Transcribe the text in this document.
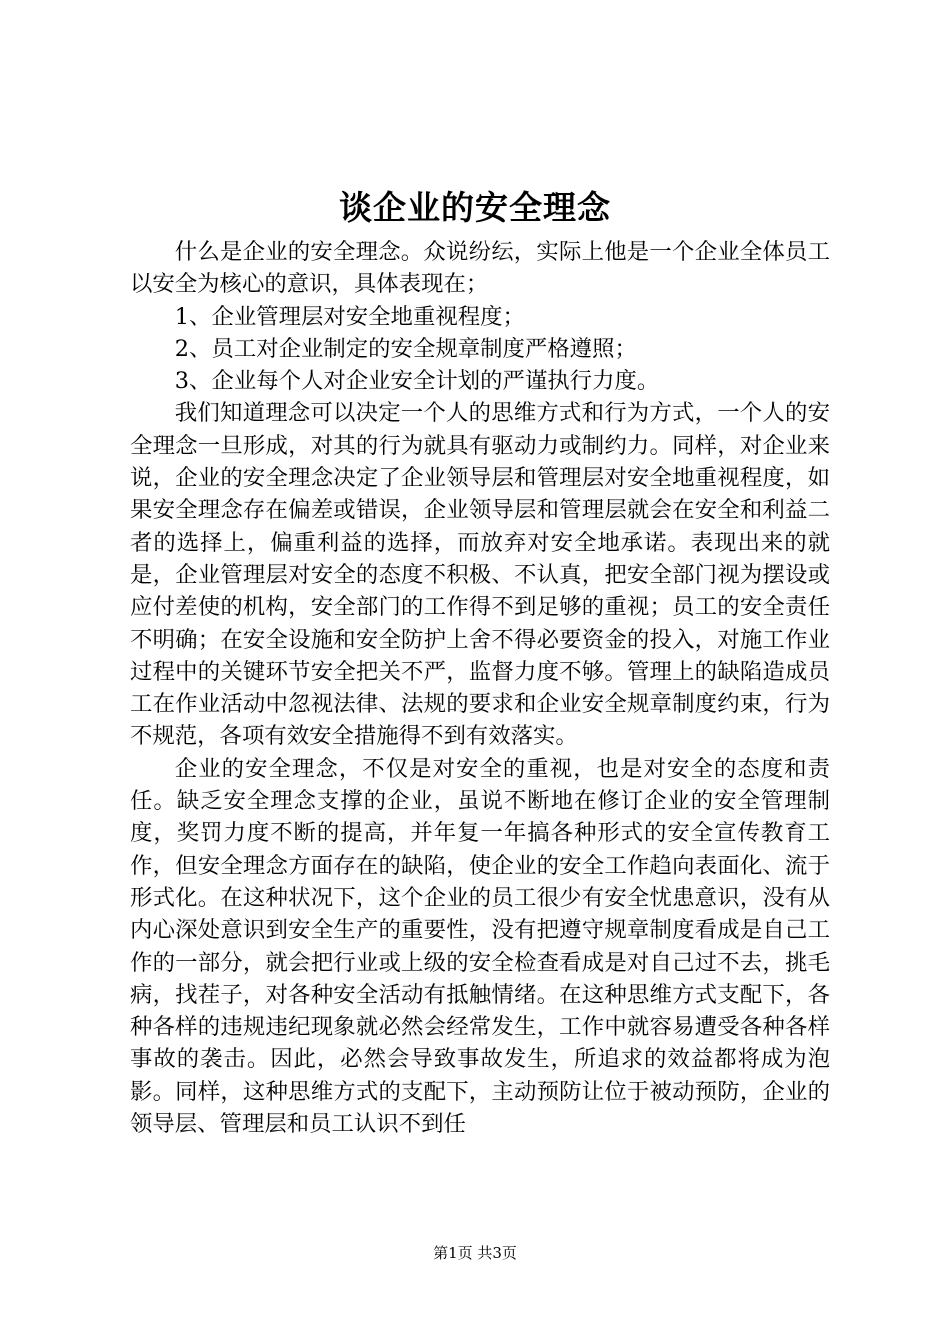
谈企业的安全理念

什么是企业的安全理念。众说纷纭，实际上他是一个企业全体员工以安全为核心的意识，具体表现在；

1、企业管理层对安全地重视程度；

2、员工对企业制定的安全规章制度严格遵照；

3、企业每个人对企业安全计划的严谨执行力度。

我们知道理念可以决定一个人的思维方式和行为方式，一个人的安全理念一旦形成，对其的行为就具有驱动力或制约力。同样，对企业来说，企业的安全理念决定了企业领导层和管理层对安全地重视程度，如果安全理念存在偏差或错误，企业领导层和管理层就会在安全和利益二者的选择上，偏重利益的选择，而放弃对安全地承诺。表现出来的就是，企业管理层对安全的态度不积极、不认真，把安全部门视为摆设或应付差使的机构，安全部门的工作得不到足够的重视；员工的安全责任不明确；在安全设施和安全防护上舍不得必要资金的投入，对施工作业过程中的关键环节安全把关不严，监督力度不够。管理上的缺陷造成员工在作业活动中忽视法律、法规的要求和企业安全规章制度约束，行为不规范，各项有效安全措施得不到有效落实。

企业的安全理念，不仅是对安全的重视，也是对安全的态度和责任。缺乏安全理念支撑的企业，虽说不断地在修订企业的安全管理制度，奖罚力度不断的提高，并年复一年搞各种形式的安全宣传教育工作，但安全理念方面存在的缺陷，使企业的安全工作趋向表面化、流于形式化。在这种状况下，这个企业的员工很少有安全忧患意识，没有从内心深处意识到安全生产的重要性，没有把遵守规章制度看成是自己工作的一部分，就会把行业或上级的安全检查看成是对自己过不去，挑毛病，找茬子，对各种安全活动有抵触情绪。在这种思维方式支配下，各种各样的违规违纪现象就必然会经常发生，工作中就容易遭受各种各样事故的袭击。因此，必然会导致事故发生，所追求的效益都将成为泡影。同样，这种思维方式的支配下，主动预防让位于被动预防，企业的领导层、管理层和员工认识不到任

第1页 共3页
